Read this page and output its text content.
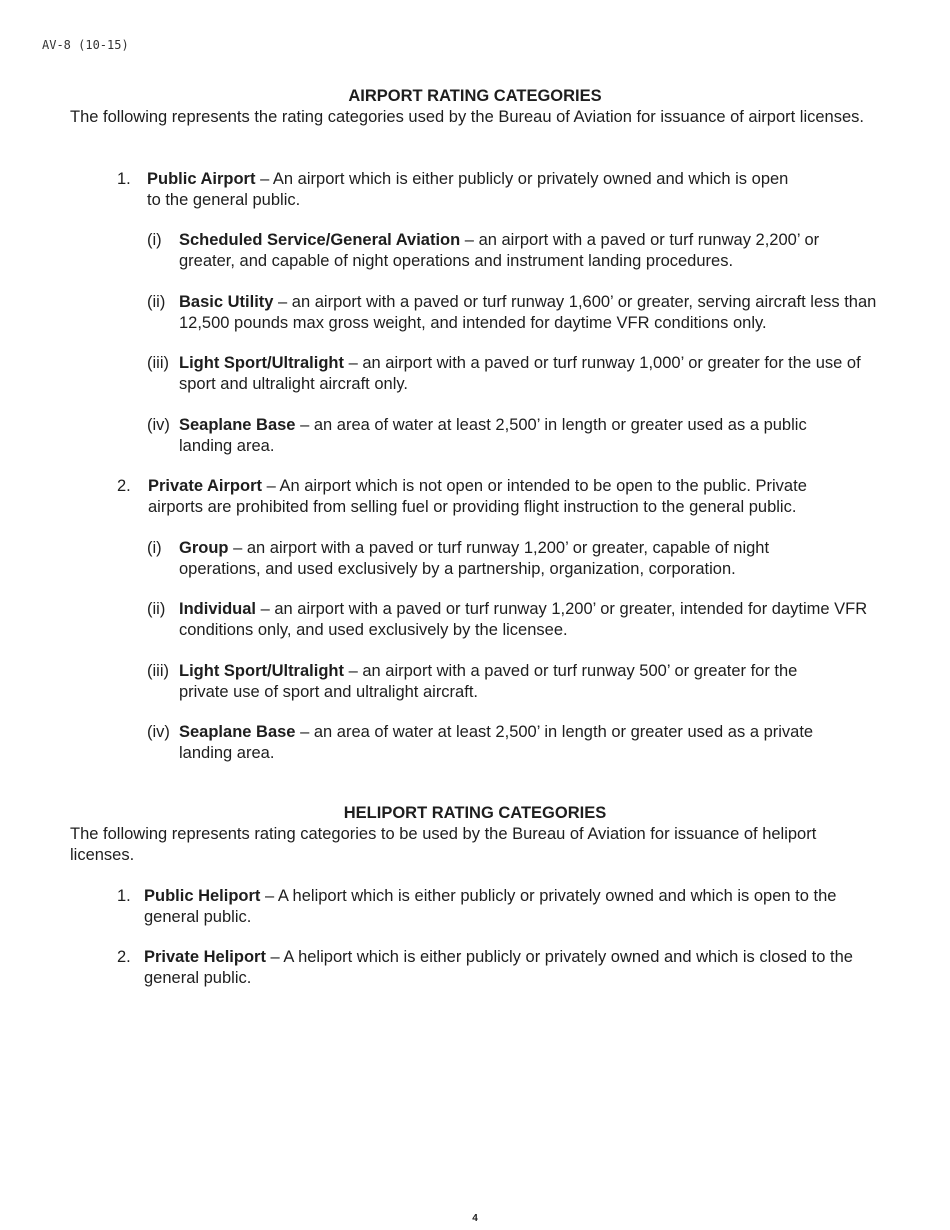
AV-8 (10-15)
AIRPORT RATING CATEGORIES
The following represents the rating categories used by the Bureau of Aviation for issuance of airport licenses.
1. Public Airport – An airport which is either publicly or privately owned and which is open to the general public.
(i) Scheduled Service/General Aviation – an airport with a paved or turf runway 2,200’ or greater, and capable of night operations and instrument landing procedures.
(ii) Basic Utility – an airport with a paved or turf runway 1,600’ or greater, serving aircraft less than 12,500 pounds max gross weight, and intended for daytime VFR conditions only.
(iii) Light Sport/Ultralight – an airport with a paved or turf runway 1,000’ or greater for the use of sport and ultralight aircraft only.
(iv) Seaplane Base – an area of water at least 2,500’ in length or greater used as a public landing area.
2. Private Airport – An airport which is not open or intended to be open to the public. Private airports are prohibited from selling fuel or providing flight instruction to the general public.
(i) Group – an airport with a paved or turf runway 1,200’ or greater, capable of night operations, and used exclusively by a partnership, organization, corporation.
(ii) Individual – an airport with a paved or turf runway 1,200’ or greater, intended for daytime VFR conditions only, and used exclusively by the licensee.
(iii) Light Sport/Ultralight – an airport with a paved or turf runway 500’ or greater for the private use of sport and ultralight aircraft.
(iv) Seaplane Base – an area of water at least 2,500’ in length or greater used as a private landing area.
HELIPORT RATING CATEGORIES
The following represents rating categories to be used by the Bureau of Aviation for issuance of heliport licenses.
1. Public Heliport – A heliport which is either publicly or privately owned and which is open to the general public.
2. Private Heliport – A heliport which is either publicly or privately owned and which is closed to the general public.
4
